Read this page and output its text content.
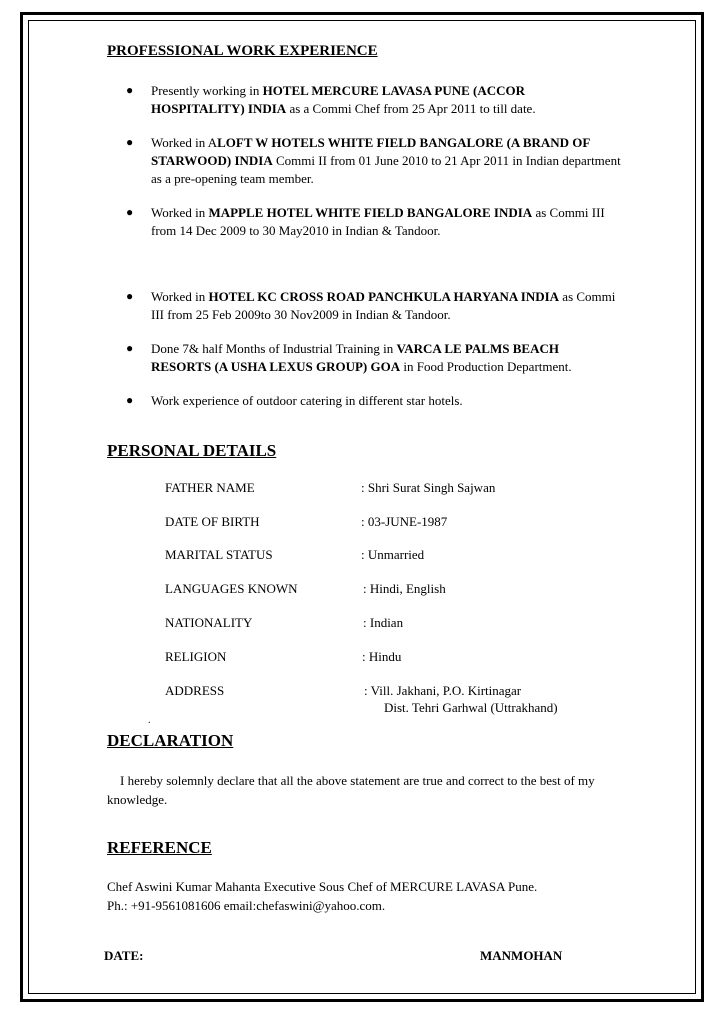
PROFESSIONAL WORK EXPERIENCE
● Presently working in HOTEL MERCURE LAVASA PUNE (ACCOR
HOSPITALITY) INDIA as a Commi Chef from 25 Apr 2011 to till date.
● Worked in ALOFT W HOTELS WHITE FIELD BANGALORE (A BRAND OF
STARWOOD) INDIA Commi II from 01 June 2010 to 21 Apr 2011 in Indian department
as a pre-opening team member.
● Worked in MAPPLE HOTEL WHITE FIELD BANGALORE INDIA as Commi III
from 14 Dec 2009 to 30 May2010 in Indian & Tandoor.
● Worked in HOTEL KC CROSS ROAD PANCHKULA HARYANA INDIA as Commi
III from 25 Feb 2009to 30 Nov2009 in Indian & Tandoor.
● Done 7& half Months of Industrial Training in VARCA LE PALMS BEACH
RESORTS (A USHA LEXUS GROUP) GOA in Food Production Department.
● Work experience of outdoor catering in different star hotels.
PERSONAL DETAILS
FATHER NAME	: Shri Surat Singh Sajwan
DATE OF BIRTH	: 03-JUNE-1987
MARITAL STATUS	: Unmarried
LANGUAGES KNOWN	: Hindi, English
NATIONALITY	: Indian
RELIGION	: Hindu
ADDRESS	: Vill. Jakhani, P.O. Kirtinagar
Dist. Tehri Garhwal (Uttrakhand)
.
DECLARATION
I hereby solemnly declare that all the above statement are true and correct to the best of my
knowledge.
REFERENCE
Chef Aswini Kumar Mahanta Executive Sous Chef of MERCURE LAVASA Pune.
Ph.: +91-9561081606 email:chefaswini@yahoo.com.
DATE:	MANMOHAN
